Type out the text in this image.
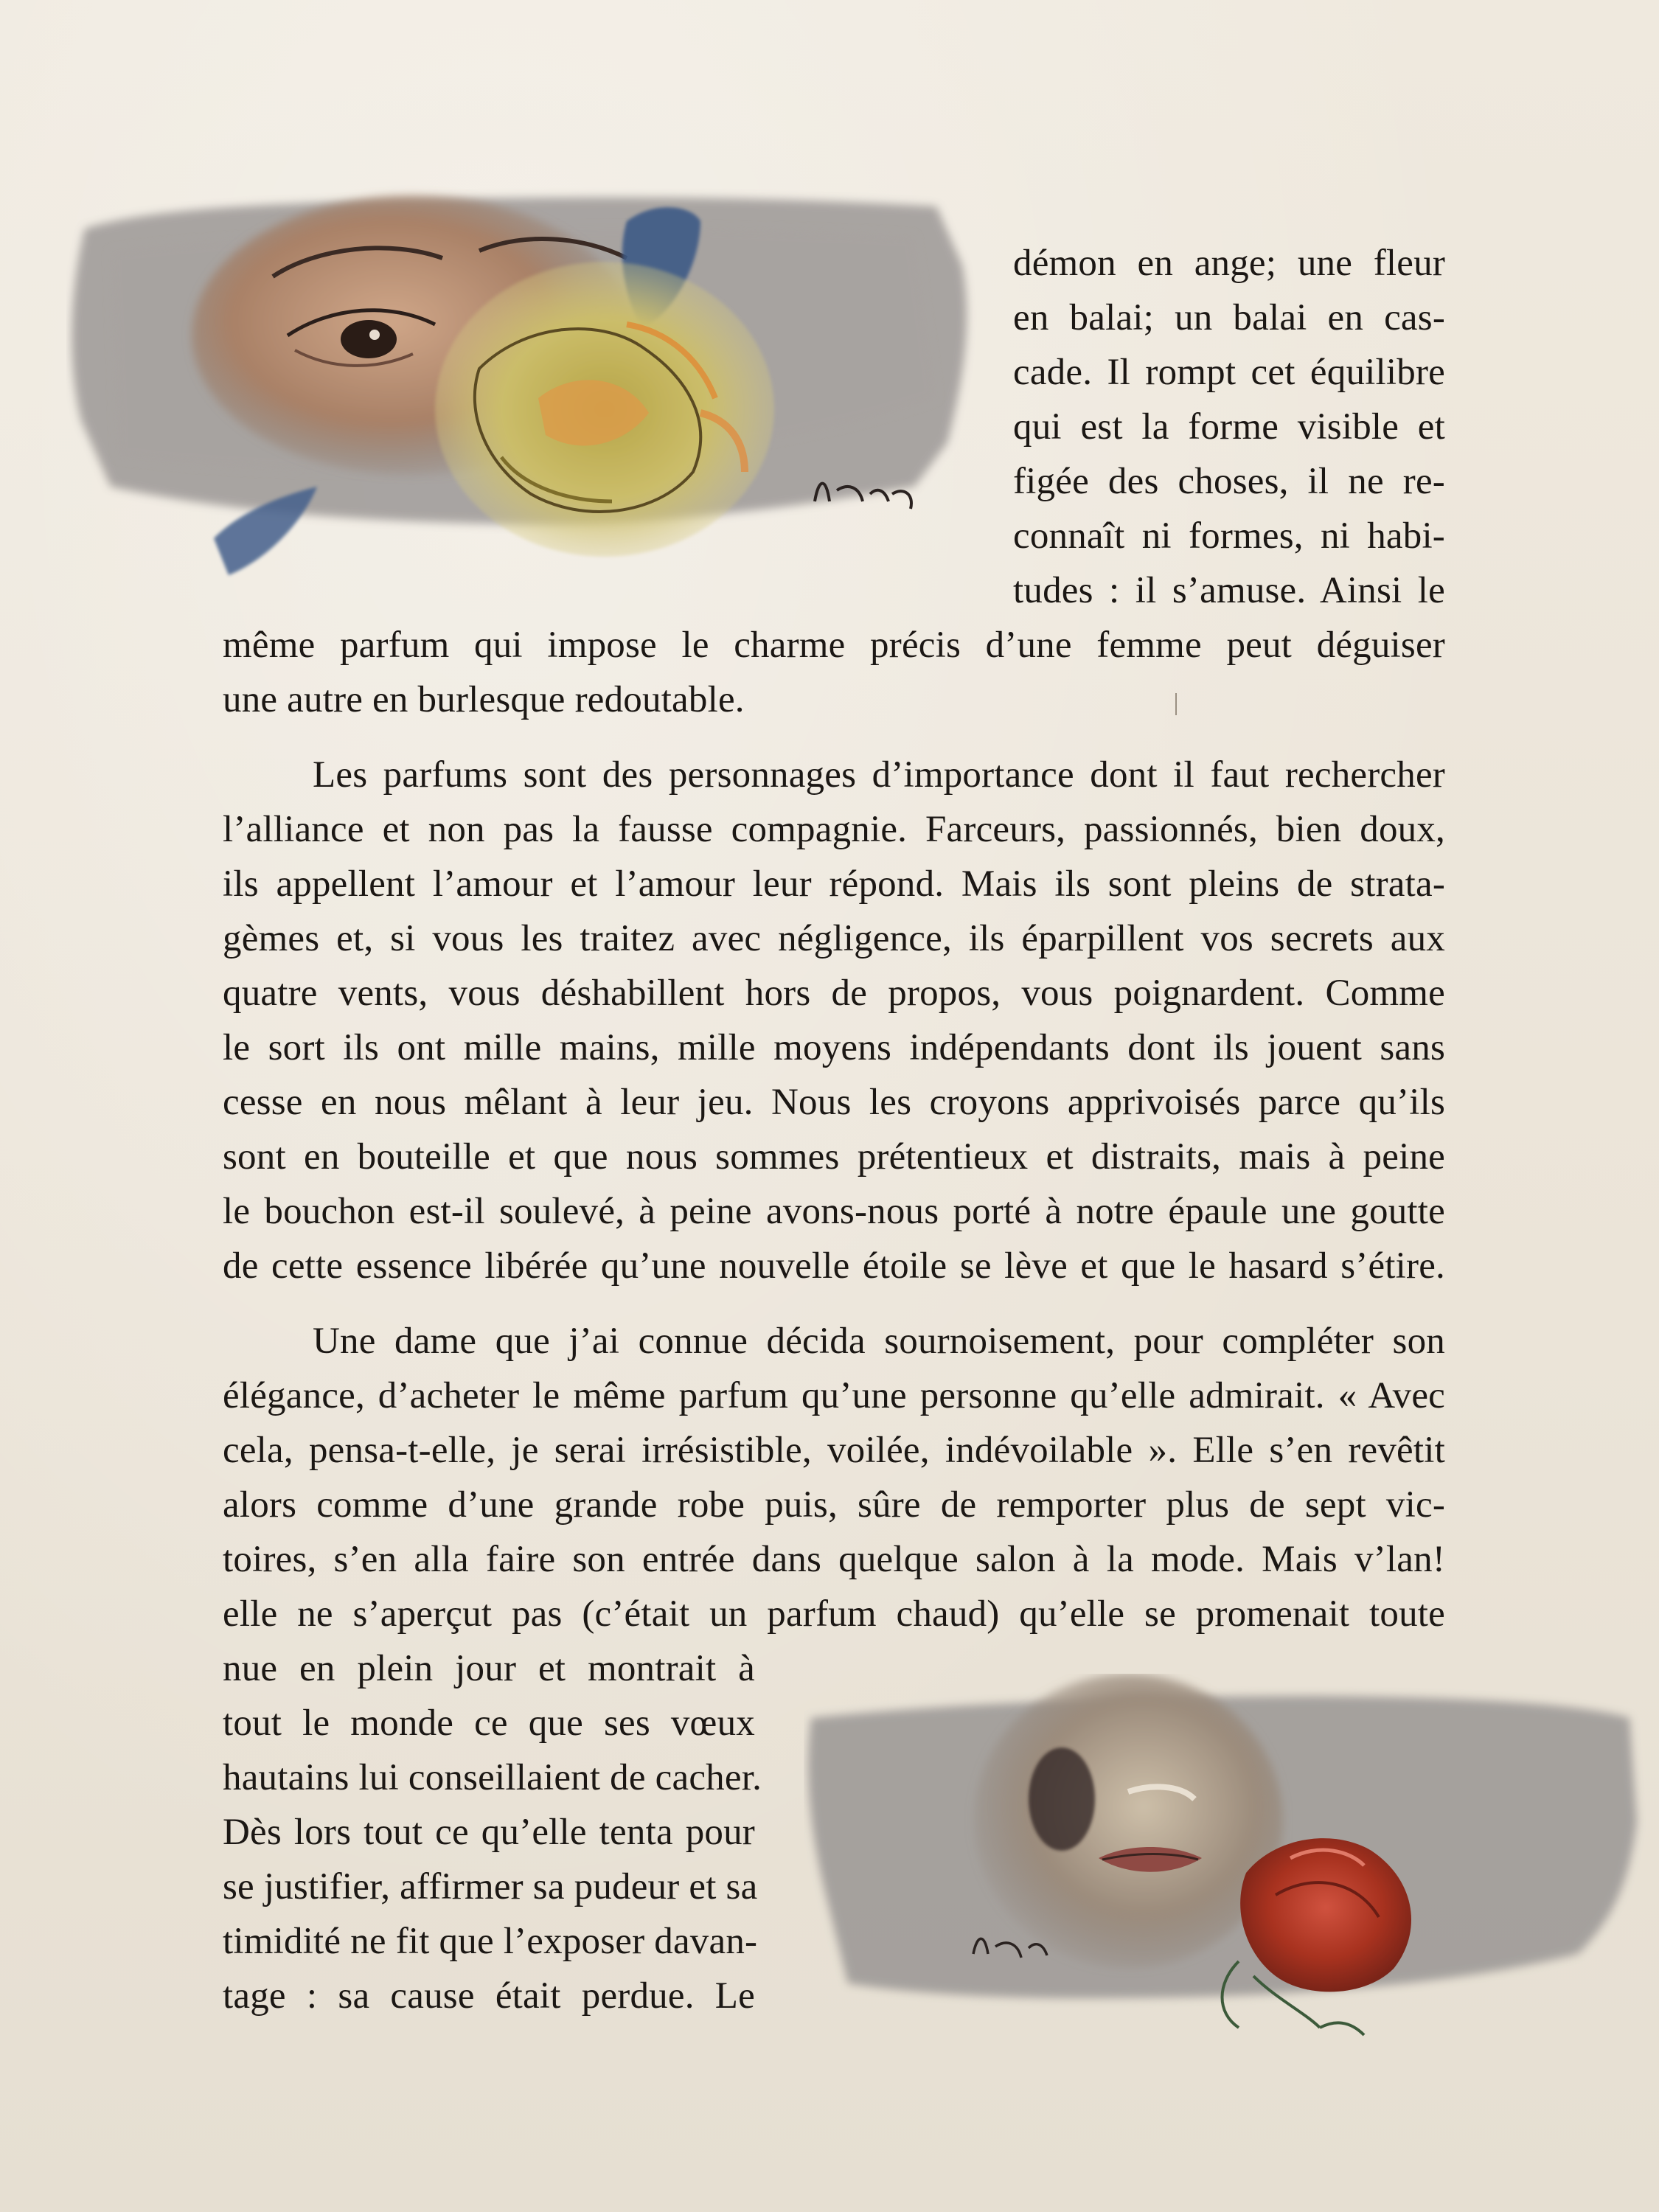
démon en ange; une fleur
en balai; un balai en cas-
cade. Il rompt cet équilibre
qui est la forme visible et
figée des choses, il ne re-
connaît ni formes, ni habi-
tudes : il s’amuse. Ainsi le
même parfum qui impose le charme précis d’une femme peut déguiser
une autre en burlesque redoutable.
Les parfums sont des personnages d’importance dont il faut rechercher
l’alliance et non pas la fausse compagnie. Farceurs, passionnés, bien doux,
ils appellent l’amour et l’amour leur répond. Mais ils sont pleins de strata-
gèmes et, si vous les traitez avec négligence, ils éparpillent vos secrets aux
quatre vents, vous déshabillent hors de propos, vous poignardent. Comme
le sort ils ont mille mains, mille moyens indépendants dont ils jouent sans
cesse en nous mêlant à leur jeu. Nous les croyons apprivoisés parce qu’ils
sont en bouteille et que nous sommes prétentieux et distraits, mais à peine
le bouchon est-il soulevé, à peine avons-nous porté à notre épaule une goutte
de cette essence libérée qu’une nouvelle étoile se lève et que le hasard s’étire.
Une dame que j’ai connue décida sournoisement, pour compléter son
élégance, d’acheter le même parfum qu’une personne qu’elle admirait. « Avec
cela, pensa-t-elle, je serai irrésistible, voilée, indévoilable ». Elle s’en revêtit
alors comme d’une grande robe puis, sûre de remporter plus de sept vic-
toires, s’en alla faire son entrée dans quelque salon à la mode. Mais v’lan!
elle ne s’aperçut pas (c’était un parfum chaud) qu’elle se promenait toute
nue en plein jour et montrait à
tout le monde ce que ses vœux
hautains lui conseillaient de cacher.
Dès lors tout ce qu’elle tenta pour
se justifier, affirmer sa pudeur et sa
timidité ne fit que l’exposer davan-
tage : sa cause était perdue. Le
